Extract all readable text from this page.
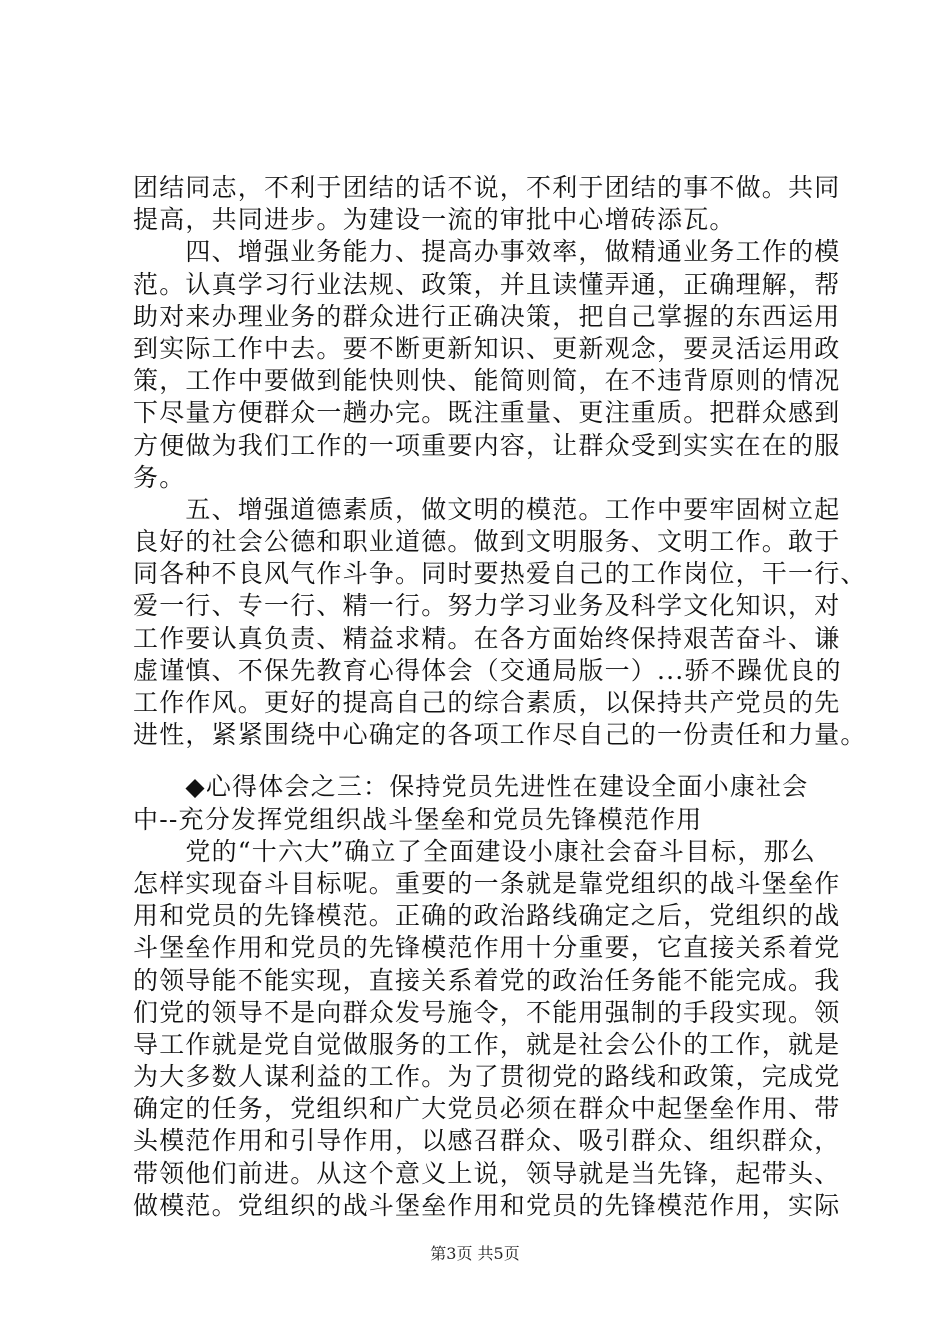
团结同志，不利于团结的话不说，不利于团结的事不做。共同
提高，共同进步。为建设一流的审批中心增砖添瓦。
　　四、增强业务能力、提高办事效率，做精通业务工作的模
范。认真学习行业法规、政策，并且读懂弄通，正确理解，帮
助对来办理业务的群众进行正确决策，把自己掌握的东西运用
到实际工作中去。要不断更新知识、更新观念，要灵活运用政
策，工作中要做到能快则快、能简则简，在不违背原则的情况
下尽量方便群众一趟办完。既注重量、更注重质。把群众感到
方便做为我们工作的一项重要内容，让群众受到实实在在的服
务。
　　五、增强道德素质，做文明的模范。工作中要牢固树立起
良好的社会公德和职业道德。做到文明服务、文明工作。敢于
同各种不良风气作斗争。同时要热爱自己的工作岗位，干一行、
爱一行、专一行、精一行。努力学习业务及科学文化知识，对
工作要认真负责、精益求精。在各方面始终保持艰苦奋斗、谦
虚谨慎、不保先教育心得体会（交通局版一）...骄不躁优良的
工作作风。更好的提高自己的综合素质，以保持共产党员的先
进性，紧紧围绕中心确定的各项工作尽自己的一份责任和力量。
　　◆心得体会之三：保持党员先进性在建设全面小康社会
中--充分发挥党组织战斗堡垒和党员先锋模范作用
　　党的“十六大”确立了全面建设小康社会奋斗目标，那么
怎样实现奋斗目标呢。重要的一条就是靠党组织的战斗堡垒作
用和党员的先锋模范。正确的政治路线确定之后，党组织的战
斗堡垒作用和党员的先锋模范作用十分重要，它直接关系着党
的领导能不能实现，直接关系着党的政治任务能不能完成。我
们党的领导不是向群众发号施令，不能用强制的手段实现。领
导工作就是党自觉做服务的工作，就是社会公仆的工作，就是
为大多数人谋利益的工作。为了贯彻党的路线和政策，完成党
确定的任务，党组织和广大党员必须在群众中起堡垒作用、带
头模范作用和引导作用，以感召群众、吸引群众、组织群众，
带领他们前进。从这个意义上说，领导就是当先锋，起带头、
做模范。党组织的战斗堡垒作用和党员的先锋模范作用，实际
第3页 共5页
